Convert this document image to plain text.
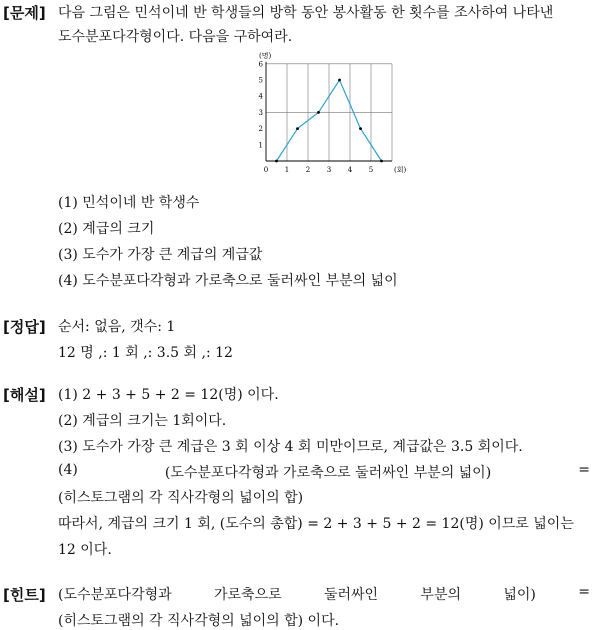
[문제] 다음 그림은 민석이네 반 학생들의 방학 동안 봉사활동 한 횟수를 조사하여 나타낸
도수분포다각형이다. 다음을 구하여라.
1
2
3
4
5
6
0 1 2 3 4 5
(명)
(회)
(1) 민석이네 반 학생수
(2) 계급의 크기
(3) 도수가 가장 큰 계급의 계급값
(4) 도수분포다각형과 가로축으로 둘러싸인 부분의 넓이
[정답] 순서: 없음, 갯수: 1
12 명 ,: 1 회 ,: 3.5 회 ,: 12
[해설] (1) 2 + 3 + 5 + 2 = 12(명) 이다.
(2) 계급의 크기는 1회이다.
(3) 도수가 가장 큰 계급은 3 회 이상 4 회 미만이므로, 계급값은 3.5 회이다.
(4)	(도수분포다각형과 가로축으로 둘러싸인 부분의 넓이)	=
(히스토그램의 각 직사각형의 넓이의 합)
따라서, 계급의 크기 1 회, (도수의 총합) = 2 + 3 + 5 + 2 = 12(명) 이므로 넓이는
12 이다.
[힌트] (도수분포다각형과	가로축으로	둘러싸인	부분의	넓이)	=
(히스토그램의 각 직사각형의 넓이의 합) 이다.
